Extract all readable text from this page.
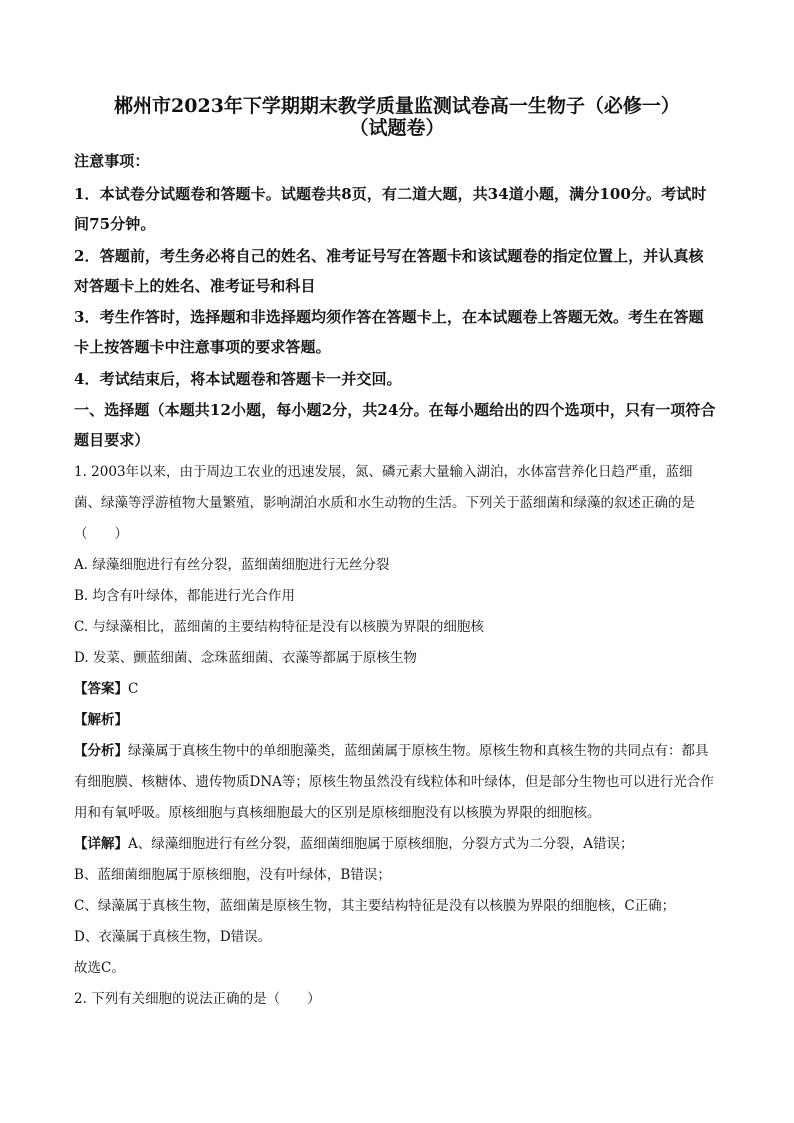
郴州市2023年下学期期末教学质量监测试卷高一生物子（必修一）
（试题卷）
注意事项：
1．本试卷分试题卷和答题卡。试题卷共8页，有二道大题，共34道小题，满分100分。考试时间75分钟。
2．答题前，考生务必将自己的姓名、准考证号写在答题卡和该试题卷的指定位置上，并认真核对答题卡上的姓名、准考证号和科目
3．考生作答时，选择题和非选择题均须作答在答题卡上，在本试题卷上答题无效。考生在答题卡上按答题卡中注意事项的要求答题。
4．考试结束后，将本试题卷和答题卡一并交回。
一、选择题（本题共12小题，每小题2分，共24分。在每小题给出的四个选项中，只有一项符合题目要求）
1. 2003年以来，由于周边工农业的迅速发展，氮、磷元素大量输入湖泊，水体富营养化日趋严重，蓝细菌、绿藻等浮游植物大量繁殖，影响湖泊水质和水生动物的生活。下列关于蓝细菌和绿藻的叙述正确的是（　　）
A. 绿藻细胞进行有丝分裂，蓝细菌细胞进行无丝分裂
B. 均含有叶绿体，都能进行光合作用
C. 与绿藻相比，蓝细菌的主要结构特征是没有以核膜为界限的细胞核
D. 发菜、颤蓝细菌、念珠蓝细菌、衣藻等都属于原核生物
【答案】C
【解析】
【分析】绿藻属于真核生物中的单细胞藻类，蓝细菌属于原核生物。原核生物和真核生物的共同点有：都具有细胞膜、核糖体、遗传物质DNA等；原核生物虽然没有线粒体和叶绿体，但是部分生物也可以进行光合作用和有氧呼吸。原核细胞与真核细胞最大的区别是原核细胞没有以核膜为界限的细胞核。
【详解】A、绿藻细胞进行有丝分裂，蓝细菌细胞属于原核细胞，分裂方式为二分裂，A错误；
B、蓝细菌细胞属于原核细胞，没有叶绿体，B错误；
C、绿藻属于真核生物，蓝细菌是原核生物，其主要结构特征是没有以核膜为界限的细胞核，C正确；
D、衣藻属于真核生物，D错误。
故选C。
2. 下列有关细胞的说法正确的是（　　）
